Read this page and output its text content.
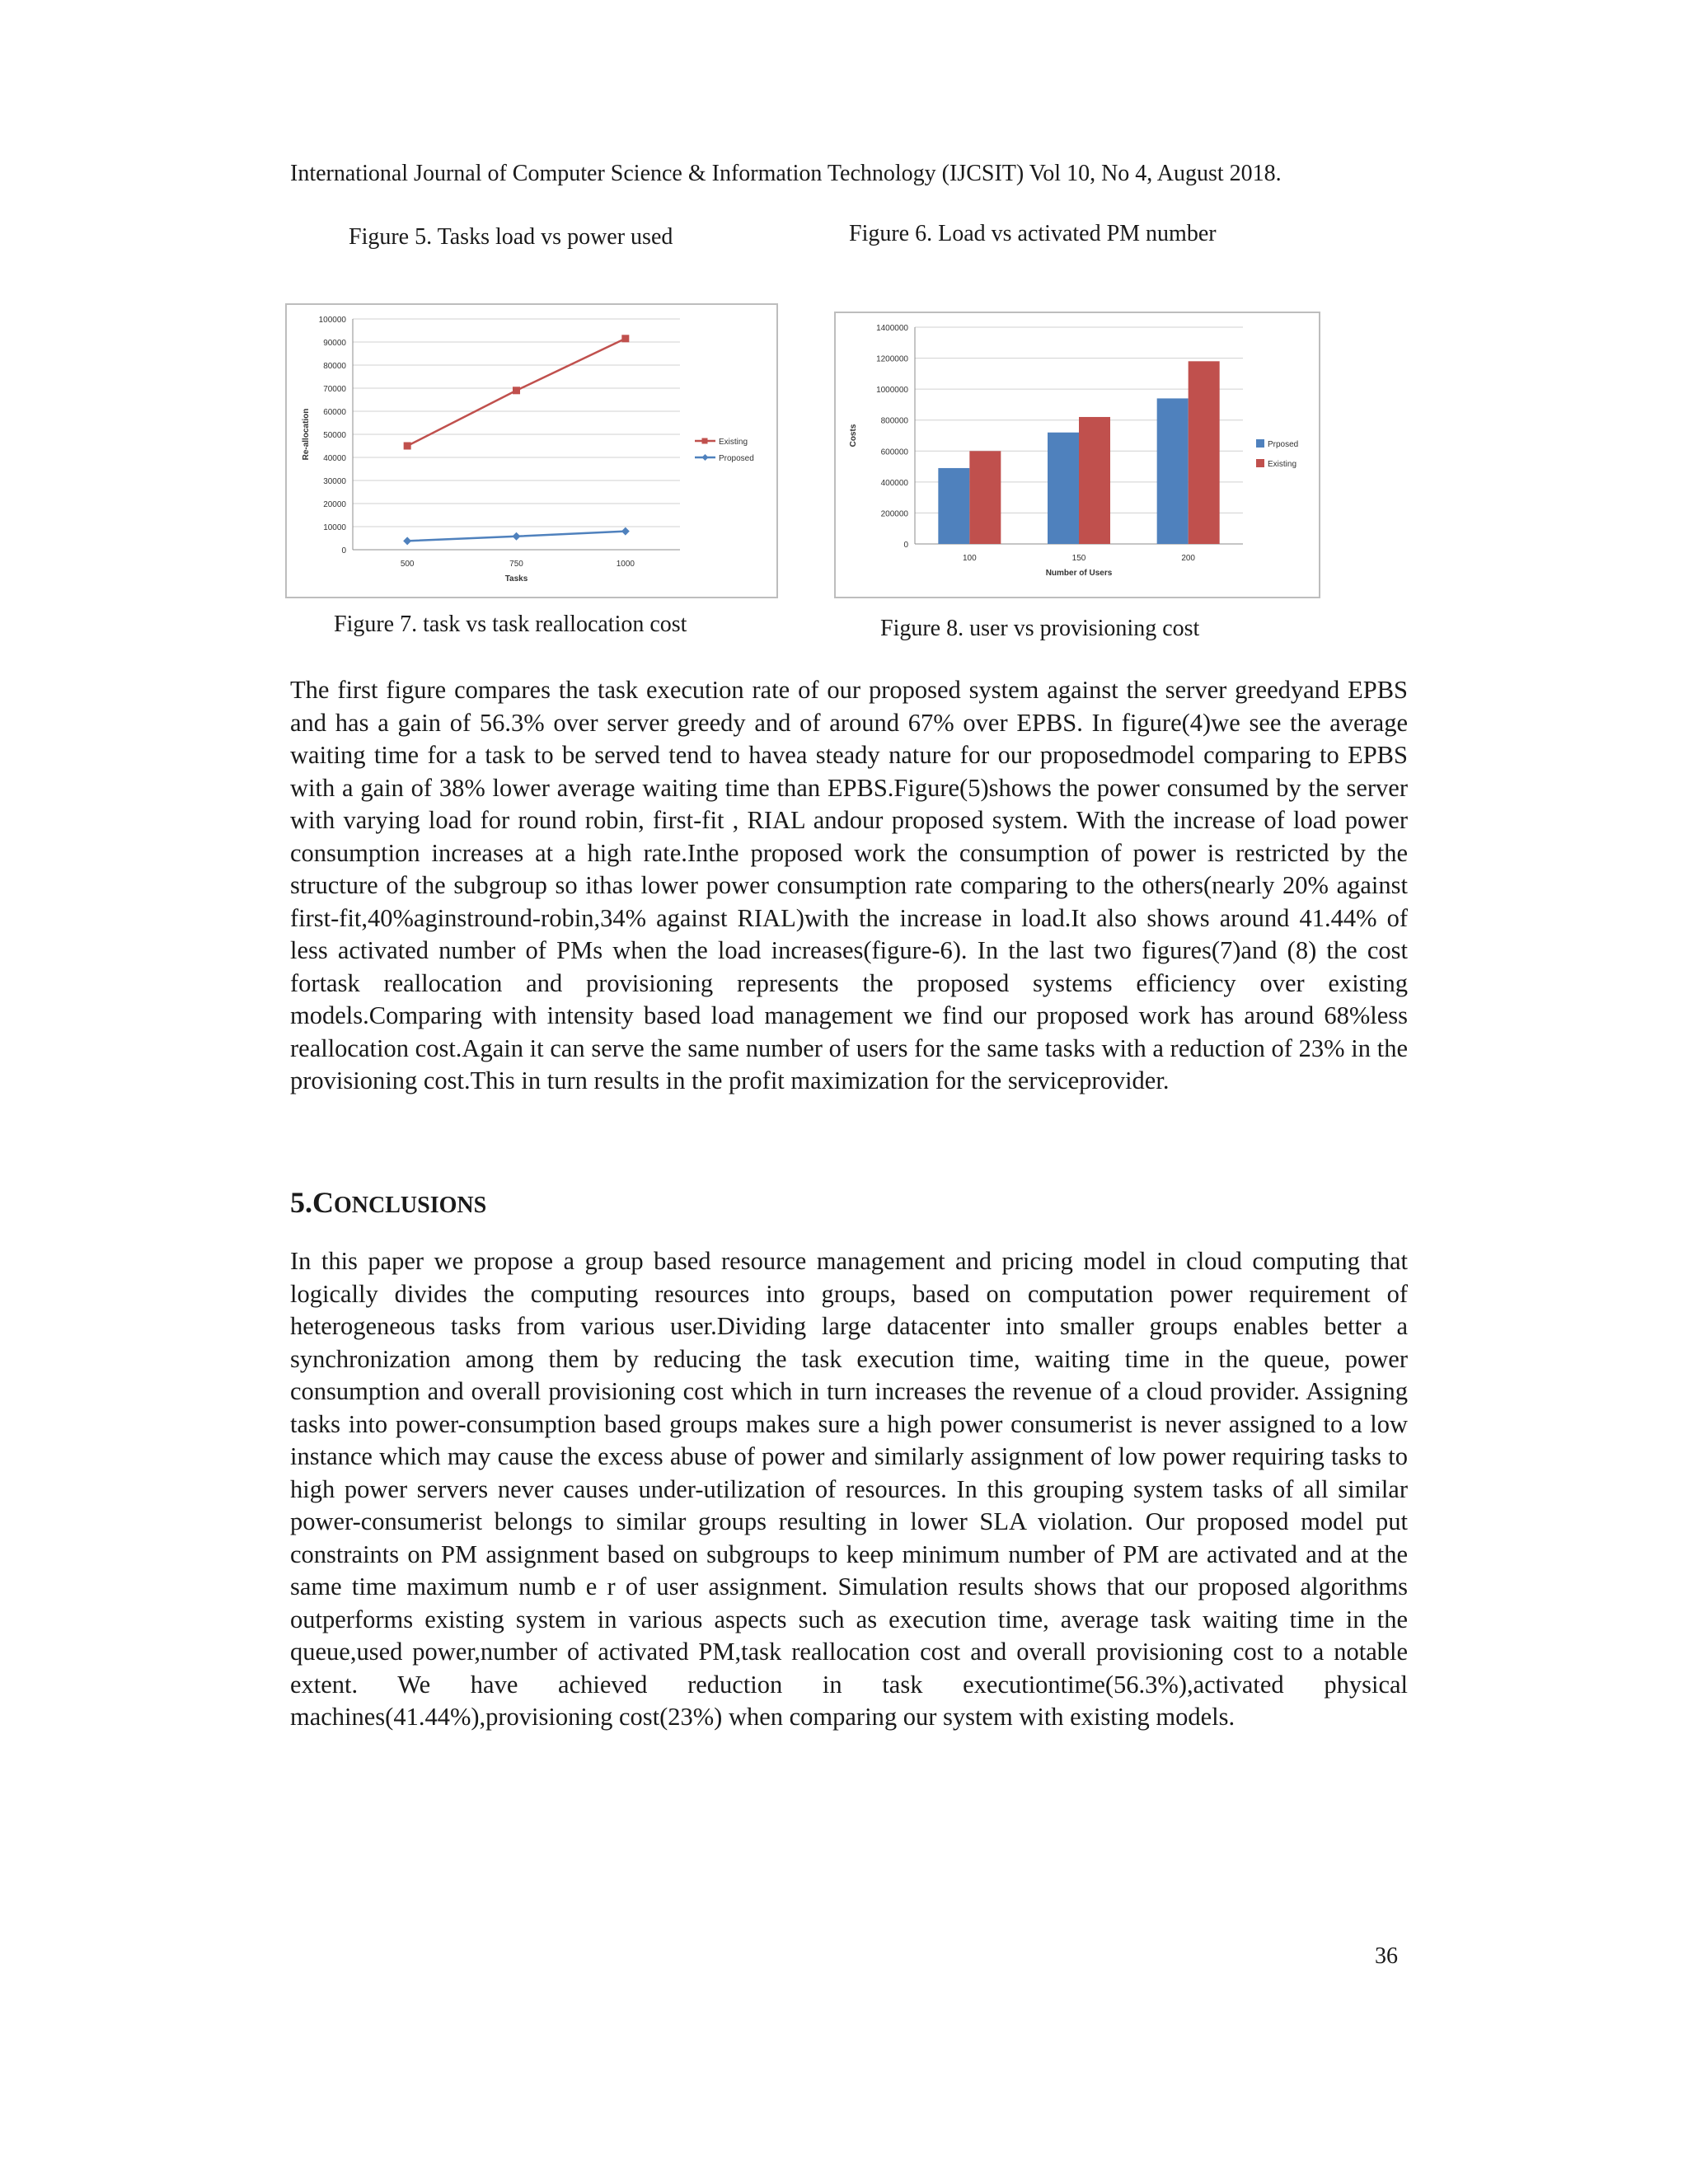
International Journal of Computer Science & Information Technology (IJCSIT) Vol 10, No 4, August 2018.
Figure 5. Tasks load vs power used	Figure 6. Load vs activated PM number
0
10000
20000
30000
40000
50000
60000
70000
80000
90000
100000
500	750	1000
Tasks
Re-allocation	Existing
Proposed
0
200000
400000
600000
800000
1000000
1200000
1400000
100	150	200
Number of Users
Costs	Prposed
Existing
Figure 7. task vs task reallocation cost	Figure 8. user vs provisioning cost

The first figure compares the task execution rate of our proposed system against the server greedyand EPBS and has a gain of 56.3% over server greedy and of around 67% over EPBS. In figure(4)we see the average waiting time for a task to be served tend to havea steady nature for our proposedmodel comparing to EPBS with a gain of 38% lower average waiting time than EPBS.Figure(5)shows the power consumed by the server with varying load for round robin, first-fit , RIAL andour proposed system. With the increase of load power consumption increases at a high rate.Inthe proposed work the consumption of power is restricted by the structure of the subgroup so ithas lower power consumption rate comparing to the others(nearly 20% against first-fit,40%aginstround-robin,34% against RIAL)with the increase in load.It also shows around 41.44% of less activated number of PMs when the load increases(figure-6). In the last two figures(7)and (8) the cost fortask reallocation and provisioning represents the proposed systems efficiency over existing models.Comparing with intensity based load management we find our proposed work has around 68%less reallocation cost.Again it can serve the same number of users for the same tasks with a reduction of 23% in the provisioning cost.This in turn results in the profit maximization for the serviceprovider.

5.CONCLUSIONS

In this paper we propose a group based resource management and pricing model in cloud computing that logically divides the computing resources into groups, based on computation power requirement of heterogeneous tasks from various user.Dividing large datacenter into smaller groups enables better a synchronization among them by reducing the task execution time, waiting time in the queue, power consumption and overall provisioning cost which in turn increases the revenue of a cloud provider. Assigning tasks into power-consumption based groups makes sure a high power consumerist is never assigned to a low instance which may cause the excess abuse of power and similarly assignment of low power requiring tasks to high power servers never causes under-utilization of resources. In this grouping system tasks of all similar power-consumerist belongs to similar groups resulting in lower SLA violation. Our proposed model put constraints on PM assignment based on subgroups to keep minimum number of PM are activated and at the same time maximum numb e r of user assignment. Simulation results shows that our proposed algorithms outperforms existing system in various aspects such as execution time, average task waiting time in the queue,used power,number of activated PM,task reallocation cost and overall provisioning cost to a notable extent. We have achieved reduction in task executiontime(56.3%),activated physical machines(41.44%),provisioning cost(23%) when comparing our system with existing models.

36
